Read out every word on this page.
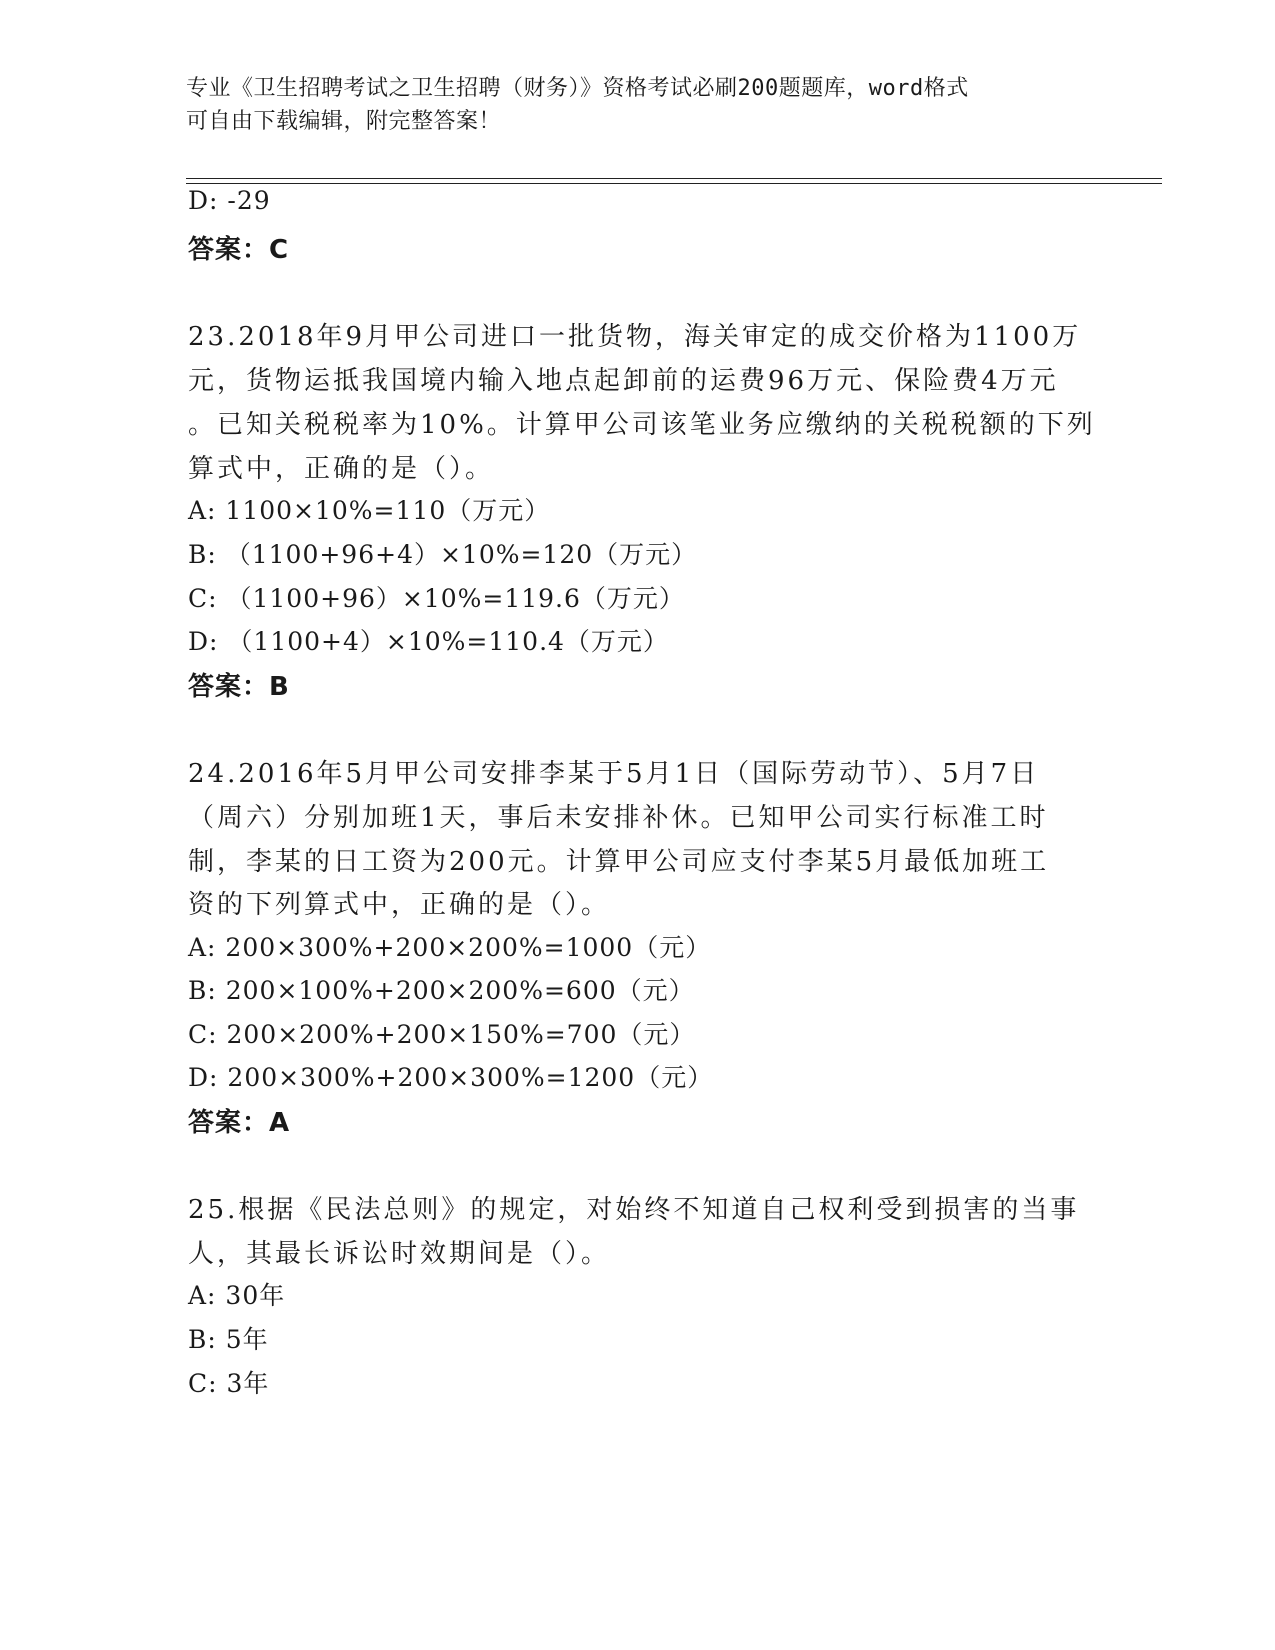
专业《卫生招聘考试之卫生招聘（财务）》资格考试必刷200题题库，word格式
可自由下载编辑，附完整答案！
D: -29
答案：C
23.2018年9月甲公司进口一批货物，海关审定的成交价格为1100万
元，货物运抵我国境内输入地点起卸前的运费96万元、保险费4万元
。已知关税税率为10%。计算甲公司该笔业务应缴纳的关税税额的下列
算式中，正确的是（）。
A: 1100×10%=110（万元）
B: （1100+96+4）×10%=120（万元）
C: （1100+96）×10%=119.6（万元）
D: （1100+4）×10%=110.4（万元）
答案：B
24.2016年5月甲公司安排李某于5月1日（国际劳动节）、5月7日
（周六）分别加班1天，事后未安排补休。已知甲公司实行标准工时
制，李某的日工资为200元。计算甲公司应支付李某5月最低加班工
资的下列算式中，正确的是（）。
A: 200×300%+200×200%=1000（元）
B: 200×100%+200×200%=600（元）
C: 200×200%+200×150%=700（元）
D: 200×300%+200×300%=1200（元）
答案：A
25.根据《民法总则》的规定，对始终不知道自己权利受到损害的当事
人，其最长诉讼时效期间是（）。
A: 30年
B: 5年
C: 3年
